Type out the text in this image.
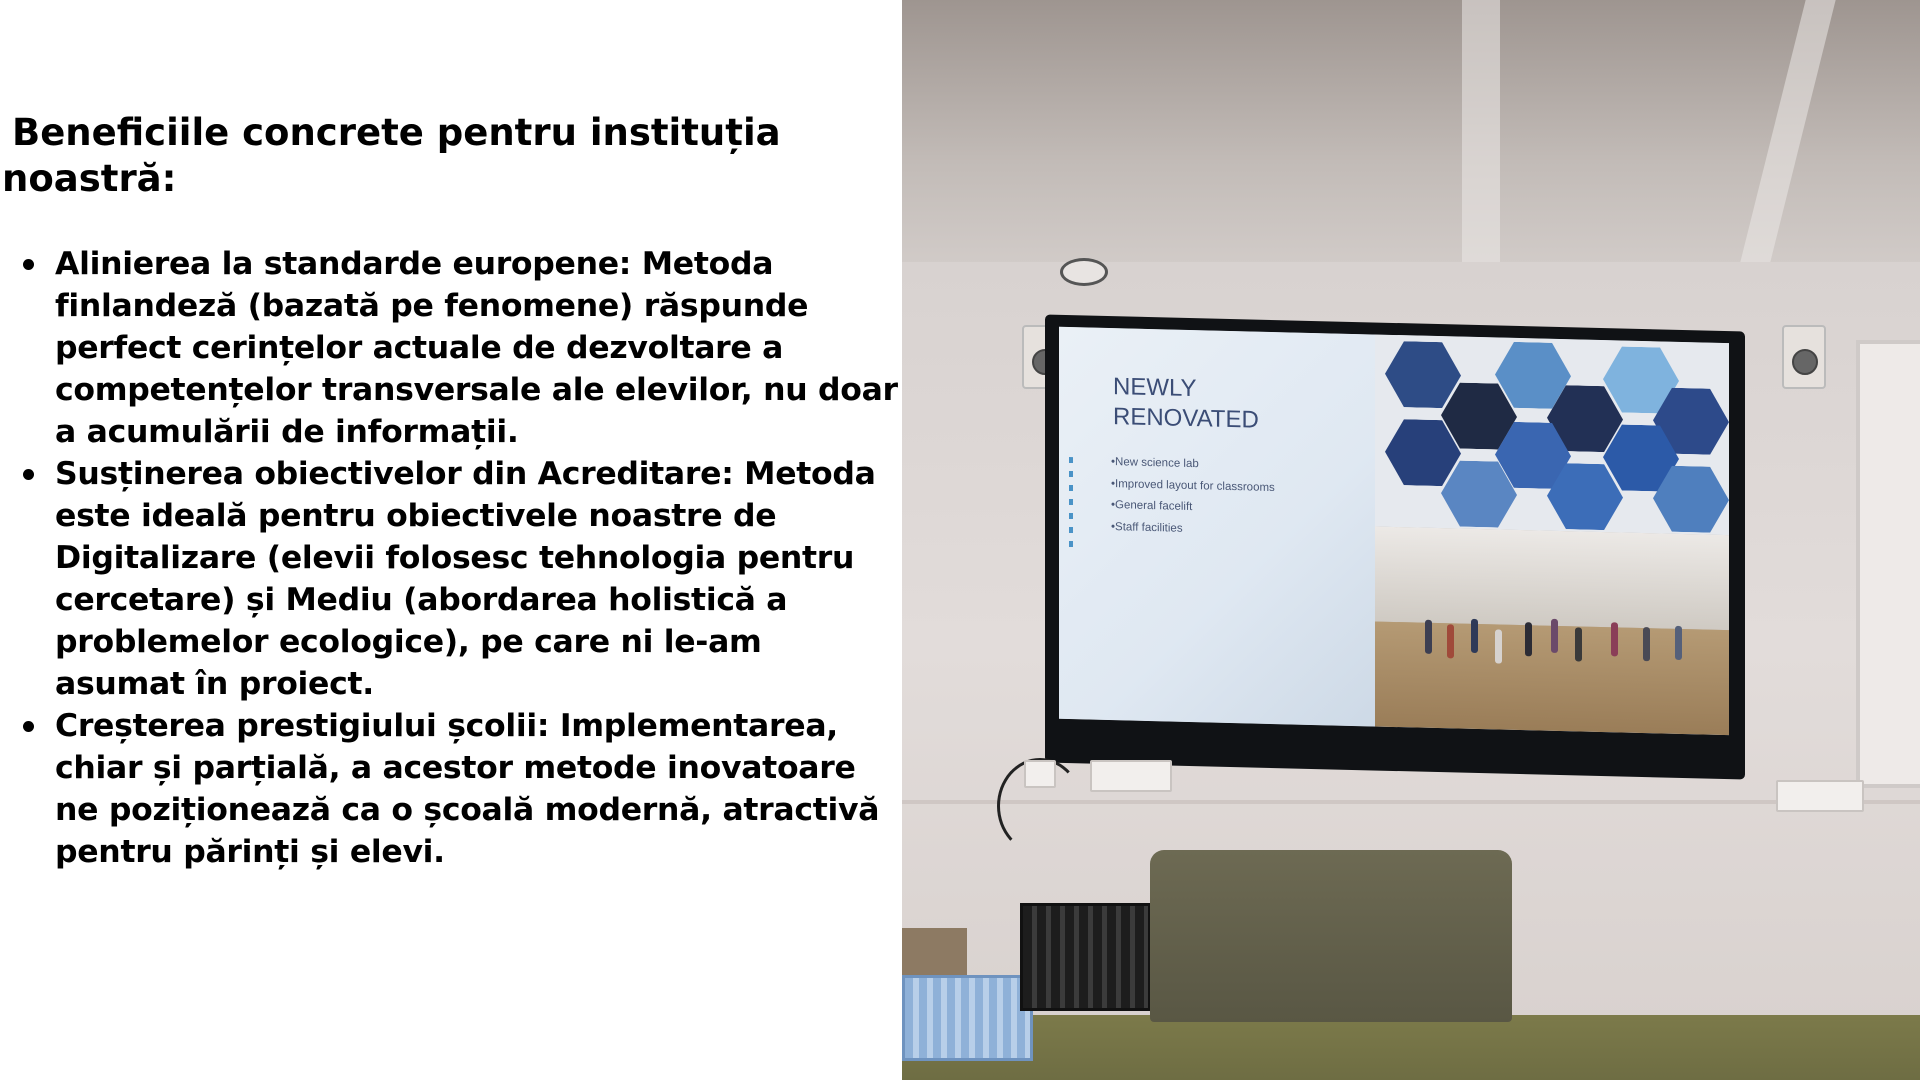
Beneficiile concrete pentru instituția noastră:
Alinierea la standarde europene: Metoda finlandeză (bazată pe fenomene) răspunde perfect cerințelor actuale de dezvoltare a competențelor transversale ale elevilor, nu doar a acumulării de informații.
Susținerea obiectivelor din Acreditare: Metoda este ideală pentru obiectivele noastre de Digitalizare (elevii folosesc tehnologia pentru cercetare) și Mediu (abordarea holistică a problemelor ecologice), pe care ni le-am asumat în proiect.
Creșterea prestigiului școlii: Implementarea, chiar și parțială, a acestor metode inovatoare ne poziționează ca o școală modernă, atractivă pentru părinți și elevi.
NEWLY
RENOVATED
•New science lab
•Improved layout for classrooms
•General facelift
•Staff facilities
